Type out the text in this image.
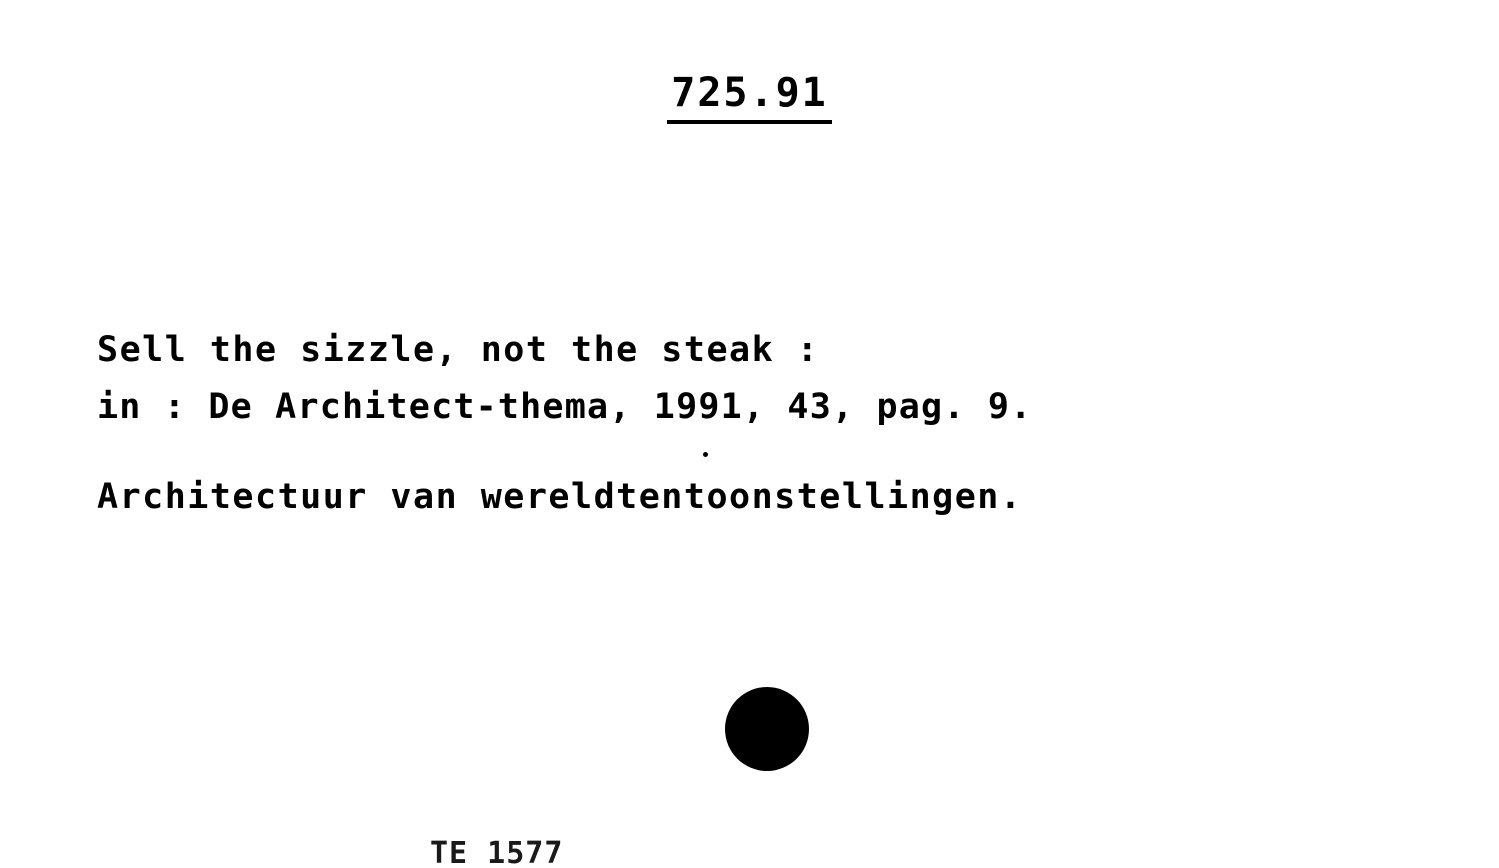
725.91

Sell the sizzle, not the steak :

Architectuur van wereldtentoonstellingen.

in : De Architect-thema, 1991, 43, pag. 9.
TE 1577
